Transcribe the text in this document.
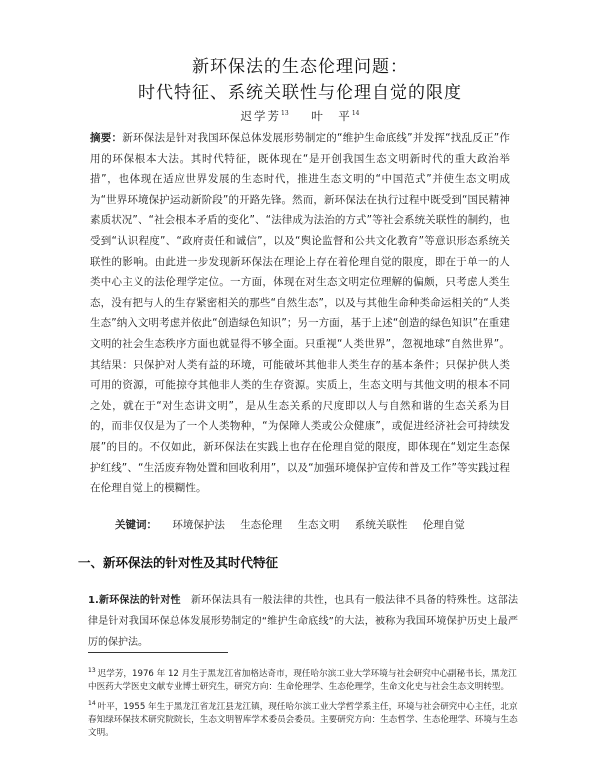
新环保法的生态伦理问题：
时代特征、系统关联性与伦理自觉的限度
迟学芳$^{13}$ 叶　平$^{14}$
摘要：新环保法是针对我国环保总体发展形势制定的“维护生命底线”并发挥“找乱反正”作用的环保根本大法。其时代特征，既体现在“是开创我国生态文明新时代的重大政治举措”，也体现在适应世界发展的生态时代，推进生态文明的“中国范式”并使生态文明成为“世界环境保护运动新阶段”的开路先锋。然而，新环保法在执行过程中既受到“国民精神素质状况”、“社会根本矛盾的变化”、“法律成为法治的方式”等社会系统关联性的制约，也受到“认识程度”、“政府责任和诚信”，以及“舆论监督和公共文化教育”等意识形态系统关联性的影响。由此进一步发现新环保法在理论上存在着伦理自觉的限度，即在于单一的人类中心主义的法伦理学定位。一方面，体现在对生态文明定位理解的偏颇，只考虑人类生态，没有把与人的生存紧密相关的那些“自然生态”，以及与其他生命种类命运相关的“人类生态”纳入文明考虑并依此“创造绿色知识”；另一方面，基于上述“创造的绿色知识”在重建文明的社会生态秩序方面也就显得不够全面。只重视“人类世界”，忽视地球“自然世界”。其结果：只保护对人类有益的环境，可能破坏其他非人类生存的基本条件；只保护供人类可用的资源，可能掠夺其他非人类的生存资源。实质上，生态文明与其他文明的根本不同之处，就在于“对生态讲文明”，是从生态关系的尺度即以人与自然和谐的生态关系为目的，而非仅仅是为了一个人类物种，“为保障人类或公众健康”，或促进经济社会可持续发展”的目的。不仅如此，新环保法在实践上也存在伦理自觉的限度，即体现在“划定生态保护红线”、“生活废弃物处置和回收利用”，以及“加强环境保护宣传和普及工作”等实践过程在伦理自觉上的模糊性。
关键词： 环境保护法 生态伦理 生态文明 系统关联性 伦理自觉
一、新环保法的针对性及其时代特征
1.新环保法的针对性　新环保法具有一般法律的共性，也具有一般法律不具备的特殊性。这部法律是针对我国环保总体发展形势制定的“维护生命底线”的大法，被称为我国环境保护历史上最严厉的保护法。
$^{13}$ 迟学芳，1976 年 12 月生于黑龙江省加格达奇市，现任哈尔滨工业大学环境与社会研究中心副秘书长，黑龙江中医药大学医史文献专业博士研究生，研究方向：生命伦理学、生态伦理学，生命文化史与社会生态文明转型。
$^{14}$ 叶平，1955 年生于黑龙江省龙江县龙江镇，现任哈尔滨工业大学哲学系主任，环境与社会研究中心主任，北京春知绿环保技术研究院院长，生态文明智库学术委员会委员。主要研究方向：生态哲学、生态伦理学、环境与生态文明。
